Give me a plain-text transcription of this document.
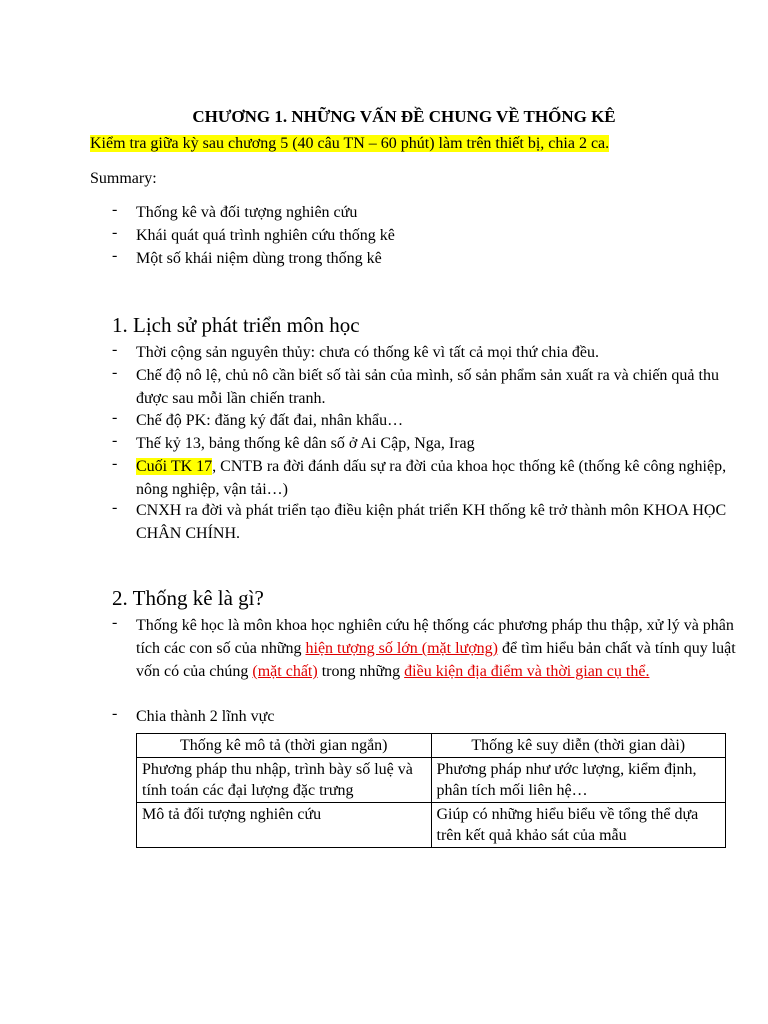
CHƯƠNG 1. NHỮNG VẤN ĐỀ CHUNG VỀ THỐNG KÊ
Kiểm tra giữa kỳ sau chương 5 (40 câu TN – 60 phút) làm trên thiết bị, chia 2 ca.
Summary:
- Thống kê và đối tượng nghiên cứu
- Khái quát quá trình nghiên cứu thống kê
- Một số khái niệm dùng trong thống kê
1. Lịch sử phát triển môn học
- Thời cộng sản nguyên thủy: chưa có thống kê vì tất cả mọi thứ chia đều.
- Chế độ nô lệ, chủ nô cần biết số tài sản của mình, số sản phẩm sản xuất ra và chiến quả thu được sau mỗi lần chiến tranh.
- Chế độ PK: đăng ký đất đai, nhân khẩu…
- Thế kỷ 13, bảng thống kê dân số ở Ai Cập, Nga, Irag
- Cuối TK 17, CNTB ra đời đánh dấu sự ra đời của khoa học thống kê (thống kê công nghiệp, nông nghiệp, vận tải…)
- CNXH ra đời và phát triển tạo điều kiện phát triển KH thống kê trở thành môn KHOA HỌC CHÂN CHÍNH.
2. Thống kê là gì?
- Thống kê học là môn khoa học nghiên cứu hệ thống các phương pháp thu thập, xử lý và phân tích các con số của những hiện tượng số lớn (mặt lượng) để tìm hiểu bản chất và tính quy luật vốn có của chúng (mặt chất) trong những điều kiện địa điểm và thời gian cụ thể.
- Chia thành 2 lĩnh vực
Thống kê mô tả (thời gian ngắn)	Thống kê suy diễn (thời gian dài)
Phương pháp thu nhập, trình bày số luệ và tính toán các đại lượng đặc trưng	Phương pháp như ước lượng, kiểm định, phân tích mối liên hệ…
Mô tả đối tượng nghiên cứu	Giúp có những hiểu biểu về tổng thể dựa trên kết quả khảo sát của mẫu
